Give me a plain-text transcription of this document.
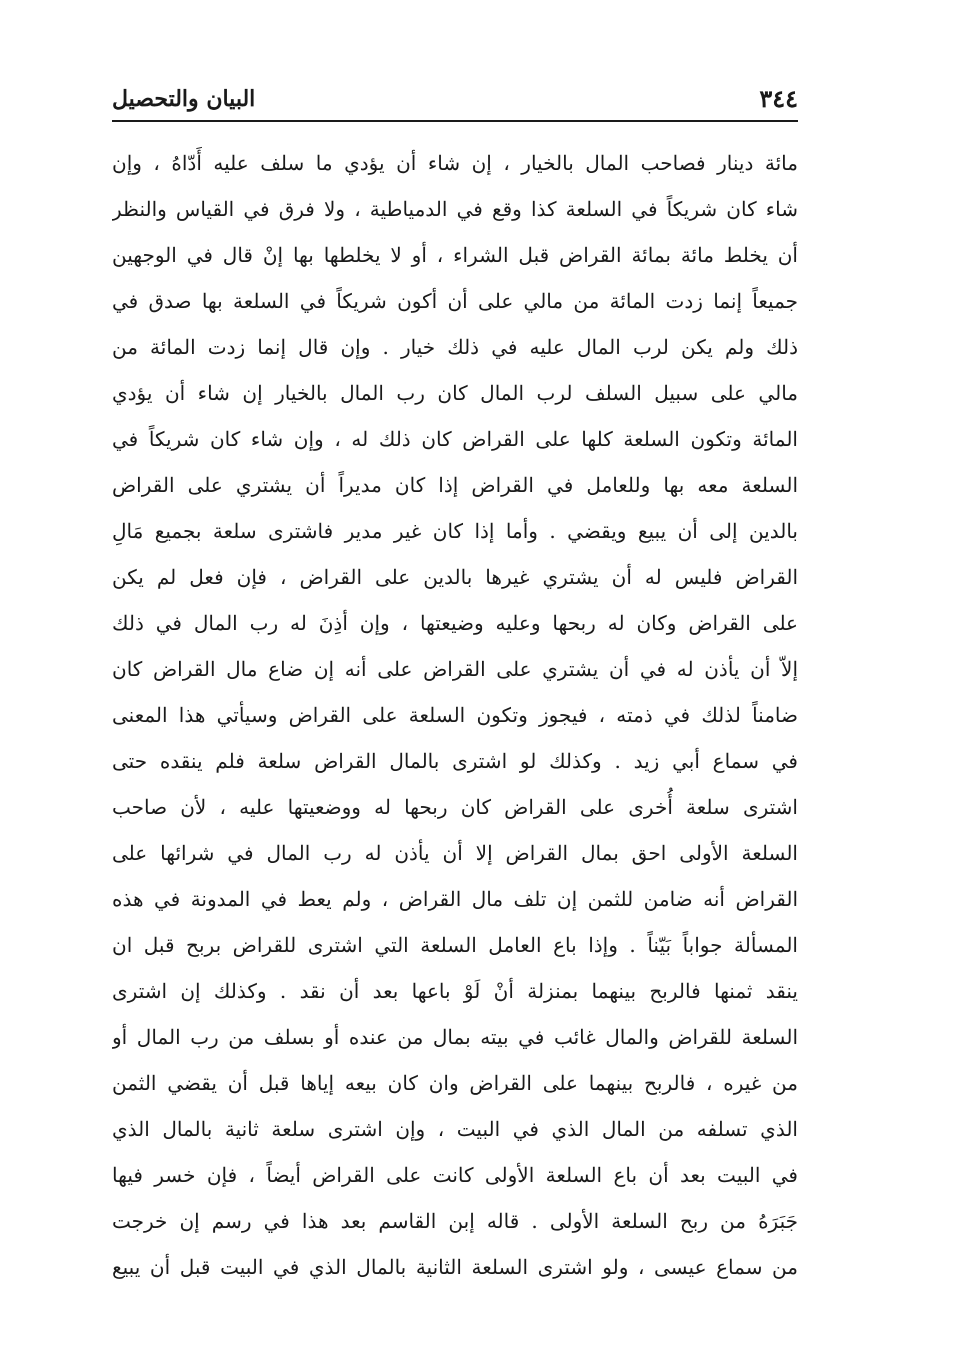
٣٤٤
البيان والتحصيل
مائة دينار فصاحب المال بالخيار ، إن شاء أن يؤدي ما سلف عليه أَدّاهُ ، وإن
شاء كان شريكاً في السلعة كذا وقع في الدمياطية ، ولا فرق في القياس والنظر
أن يخلط مائة بمائة القراض قبل الشراء ، أو لا يخلطها بها إنْ قال في الوجهين
جميعاً إنما زدت المائة من مالي على أن أكون شريكاً في السلعة بها صدق في
ذلك ولم يكن لرب المال عليه في ذلك خيار . وإن قال إنما زدت المائة من
مالي على سبيل السلف لرب المال كان رب المال بالخيار إن شاء أن يؤدي
المائة وتكون السلعة كلها على القراض كان ذلك له ، وإن شاء كان شريكاً في
السلعة معه بها وللعامل في القراض إذا كان مديراً أن يشتري على القراض
بالدين إلى أن يبيع ويقضي . وأما إذا كان غير مدير فاشترى سلعة بجميع مَالِ
القراض فليس له أن يشتري غيرها بالدين على القراض ، فإن فعل لم يكن
على القراض وكان له ربحها وعليه وضيعتها ، وإن أذِنَ له رب المال في ذلك
إلاّ أن يأذن له في أن يشتري على القراض على أنه إن ضاع مال القراض كان
ضامناً لذلك في ذمته ، فيجوز وتكون السلعة على القراض وسيأتي هذا المعنى
في سماع أبي زيد . وكذلك لو اشترى بالمال القراض سلعة فلم ينقده حتى
اشترى سلعة أُخرى على القراض كان ربحها له ووضعيتها عليه ، لأن صاحب
السلعة الأولى احق بمال القراض إلا أن يأذن له رب المال في شرائها على
القراض أنه ضامن للثمن إن تلف مال القراض ، ولم يعط في المدونة في هذه
المسألة جواباً بَيّناً . وإذا باع العامل السلعة التي اشترى للقراض بربح قبل ان
ينقد ثمنها فالربح بينهما بمنزلة أنْ لَوْ باعها بعد أن نقد . وكذلك إن اشترى
السلعة للقراض والمال غائب في بيته بمال من عنده أو بسلف من رب المال أو
من غيره ، فالربح بينهما على القراض وان كان بيعه إياها قبل أن يقضي الثمن
الذي تسلفه من المال الذي في البيت ، وإن اشترى سلعة ثانية بالمال الذي
في البيت بعد أن باع السلعة الأولى كانت على القراض أيضاً ، فإن خسر فيها
جَبَرَهُ من ربح السلعة الأولى . قاله إبن القاسم بعد هذا في رسم إن خرجت
من سماع عيسى ، ولو اشترى السلعة الثانية بالمال الذي في البيت قبل أن يبيع
